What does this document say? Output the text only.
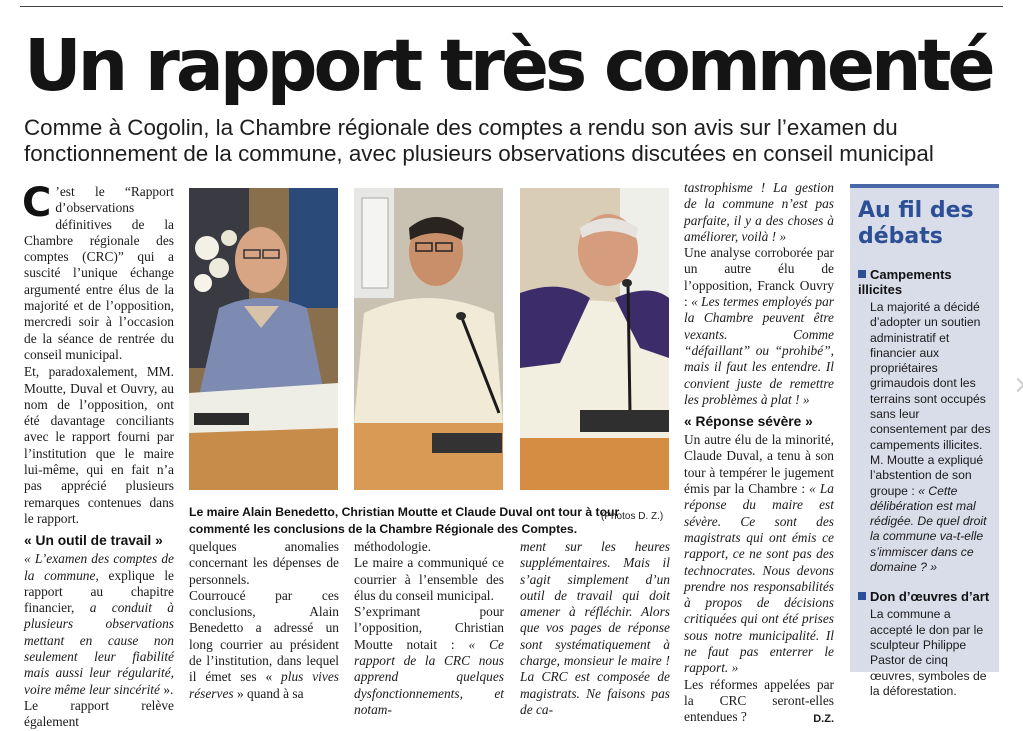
Un rapport très commenté

Comme à Cogolin, la Chambre régionale des comptes a rendu son avis sur l’examen du fonctionnement de la commune, avec plusieurs observations discutées en conseil municipal

C ’est le “Rapport d’observations définitives de la Chambre régionale des comptes (CRC)” qui a suscité l’unique échange argumenté entre élus de la majorité et de l’opposition, mercredi soir à l’occasion de la séance de rentrée du conseil municipal.

Et, paradoxalement, MM. Moutte, Duval et Ouvry, au nom de l’opposition, ont été davantage conciliants avec le rapport fourni par l’institution que le maire lui-même, qui en fait n’a pas apprécié plusieurs remarques contenues dans le rapport.

« Un outil de travail »

« L’examen des comptes de la commune, explique le rapport au chapitre financier, a conduit à plusieurs observations mettant en cause non seulement leur fiabilité mais aussi leur régularité, voire même leur sincérité ».

Le rapport relève également

Le maire Alain Benedetto, Christian Moutte et Claude Duval ont tour à tour commenté les conclusions de la Chambre Régionale des Comptes.

(Photos D. Z.)

quelques anomalies concernant les dépenses de personnels.

Courroucé par ces conclusions, Alain Benedetto a adressé un long courrier au président de l’institution, dans lequel il émet ses « plus vives réserves » quand à sa

méthodologie.

Le maire a communiqué ce courrier à l’ensemble des élus du conseil municipal.

S’exprimant pour l’opposition, Christian Moutte notait : « Ce rapport de la CRC nous apprend quelques dysfonctionnements, et notam-

ment sur les heures supplémentaires. Mais il s’agit simplement d’un outil de travail qui doit amener à réfléchir. Alors que vos pages de réponse sont systématiquement à charge, monsieur le maire ! La CRC est composée de magistrats. Ne faisons pas de ca-

tastrophisme ! La gestion de la commune n’est pas parfaite, il y a des choses à améliorer, voilà ! »

Une analyse corroborée par un autre élu de l’opposition, Franck Ouvry : « Les termes employés par la Chambre peuvent être vexants. Comme “défaillant” ou “prohibé”, mais il faut les entendre. Il convient juste de remettre les problèmes à plat ! »

« Réponse sévère »

Un autre élu de la minorité, Claude Duval, a tenu à son tour à tempérer le jugement émis par la Chambre : « La réponse du maire est sévère. Ce sont des magistrats qui ont émis ce rapport, ce ne sont pas des technocrates. Nous devons prendre nos responsabilités à propos de décisions critiquées qui ont été prises sous notre municipalité. Il ne faut pas enterrer le rapport. »

Les réformes appelées par la CRC seront-elles entendues ?	D.Z.

Au fil des débats

Campements illicites

La majorité a décidé d’adopter un soutien administratif et financier aux propriétaires grimaudois dont les terrains sont occupés sans leur consentement par des campements illicites. M. Moutte a expliqué l’abstention de son groupe : « Cette délibération est mal rédigée. De quel droit la commune va-t-elle s’immiscer dans ce domaine ? »

Don d’œuvres d’art

La commune a accepté le don par le sculpteur Philippe Pastor de cinq œuvres, symboles de la déforestation.
